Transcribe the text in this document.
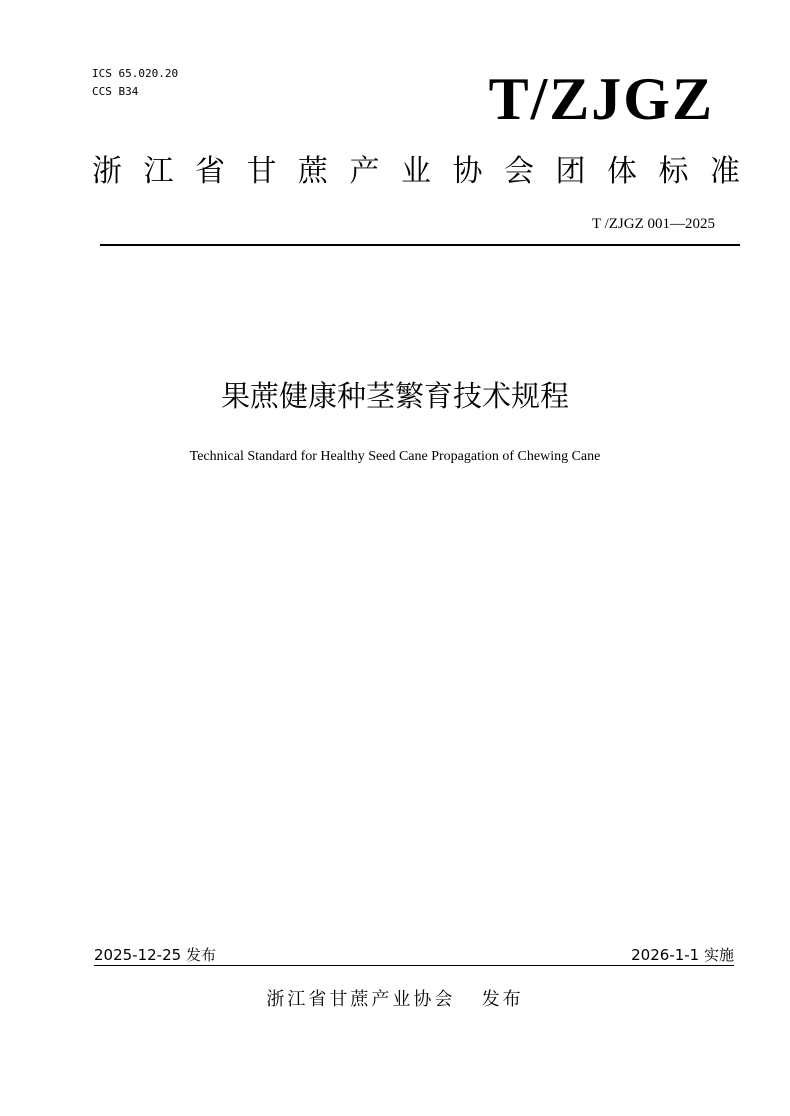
ICS 65.020.20
CCS B34	T/ZJGZ
浙 江 省 甘 蔗 产 业 协 会 团 体 标 准
T /ZJGZ 001—2025
果蔗健康种茎繁育技术规程
Technical Standard for Healthy Seed Cane Propagation of Chewing Cane
2025-12-25 发布	2026-1-1 实施
浙江省甘蔗产业协会   发布
